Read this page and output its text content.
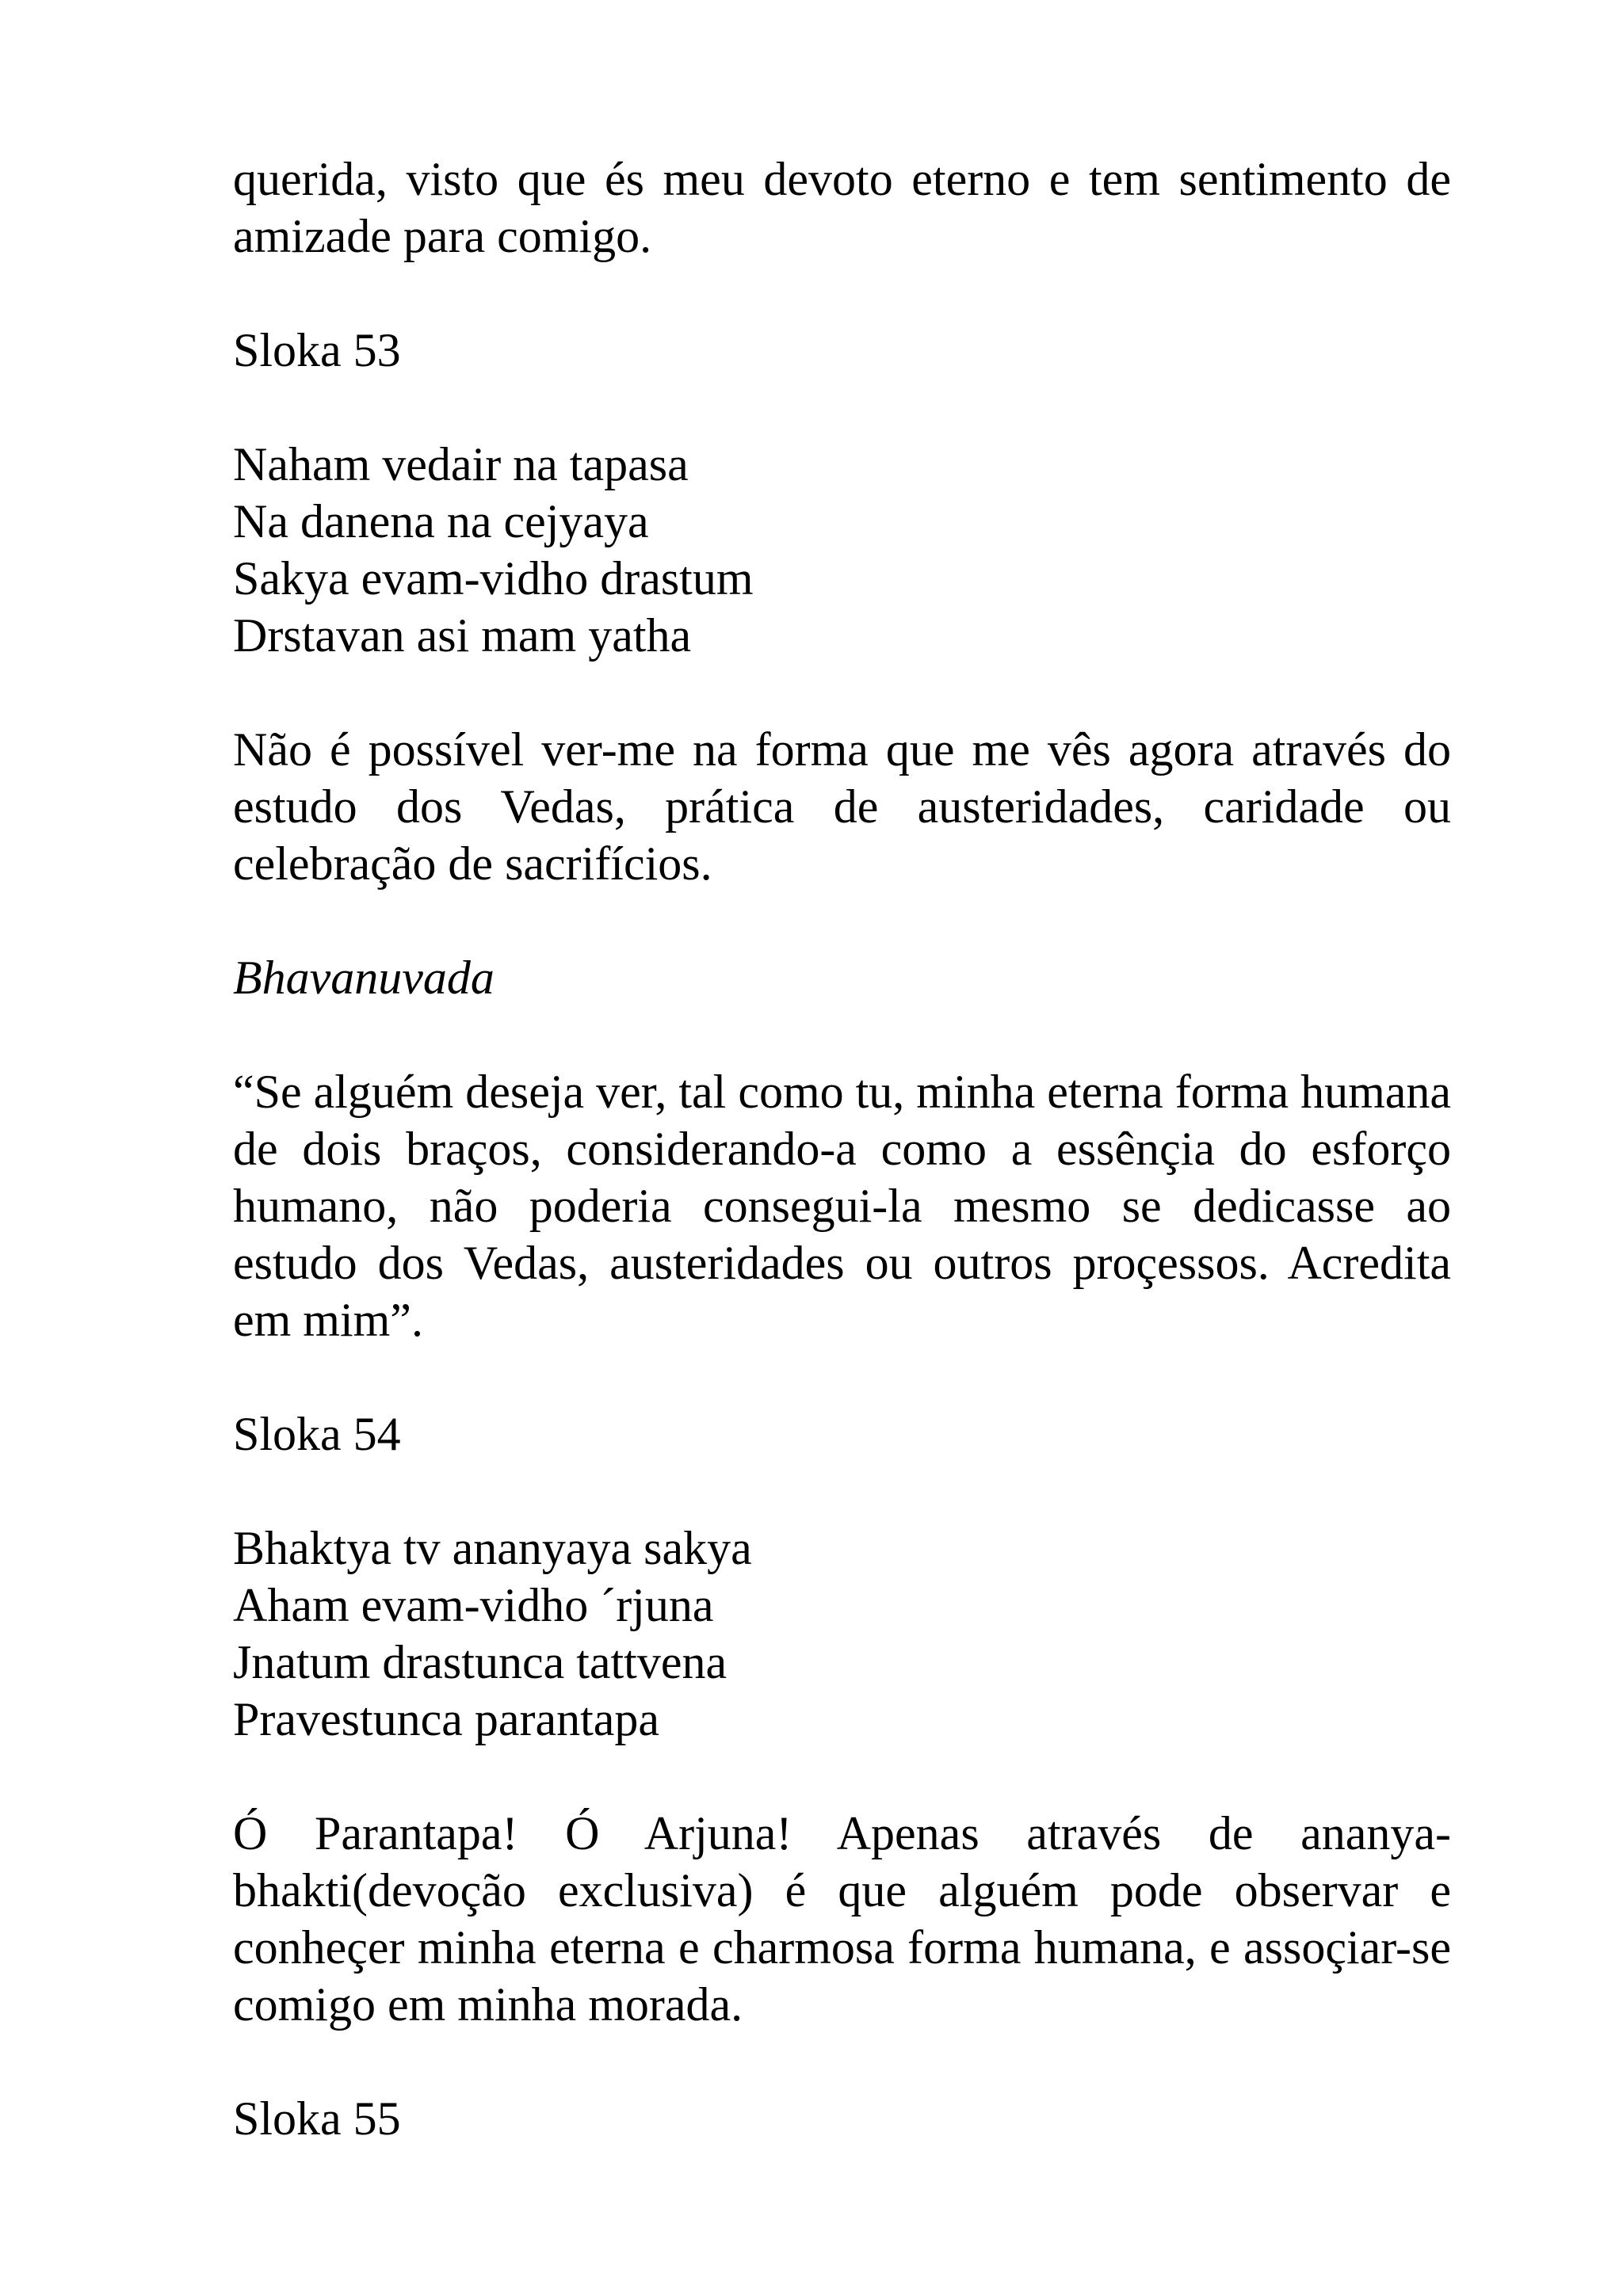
querida, visto que és meu devoto eterno e tem sentimento de amizade para comigo.

Sloka 53

Naham vedair na tapasa
Na danena na cejyaya
Sakya evam-vidho drastum
Drstavan asi mam yatha

Não é possível ver-me na forma que me vês agora através do estudo dos Vedas, prática de austeridades, caridade ou celebração de sacrifícios.

Bhavanuvada

“Se alguém deseja ver, tal como tu, minha eterna forma humana de dois braços, considerando-a como a essênçia do esforço humano, não poderia consegui-la mesmo se dedicasse ao estudo dos Vedas, austeridades ou outros proçessos. Acredita em mim”.

Sloka 54

Bhaktya tv ananyaya sakya
Aham evam-vidho ´rjuna
Jnatum drastunca tattvena
Pravestunca parantapa

Ó Parantapa! Ó Arjuna! Apenas através de ananya-bhakti(devoção exclusiva) é que alguém pode observar e conheçer minha eterna e charmosa forma humana, e assoçiar-se comigo em minha morada.

Sloka 55
